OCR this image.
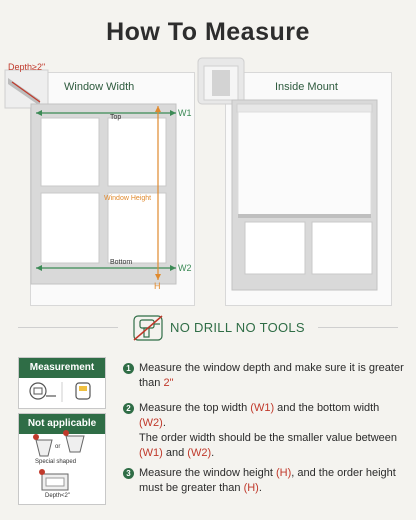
How To Measure
Depth≥2"
Window Width
Top
Bottom
Window Height
W1
W2
H
Inside Mount
NO DRILL NO TOOLS
Measurement
Not applicable
or
Special shaped
Depth<2"
1 Measure the window depth and make sure it is greater than 2"
2 Measure the top width (W1) and the bottom width (W2).
The order width should be the smaller value between (W1) and (W2).
3 Measure the window height (H), and the order height must be greater than (H).
